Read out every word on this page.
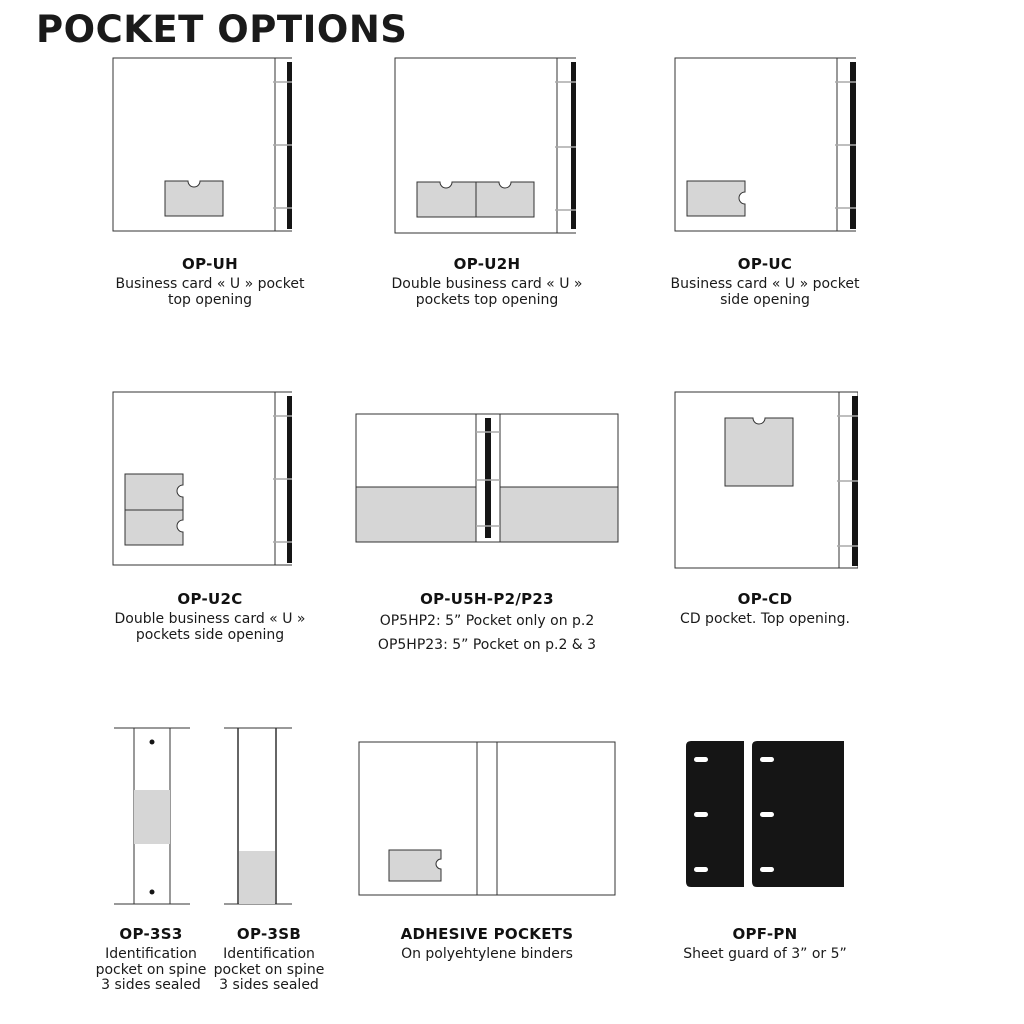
POCKET OPTIONS

OP-UH

Business card « U » pocket top opening

OP-U2H

Double business card « U » pockets top opening

OP-UC

Business card « U » pocket side opening

OP-U2C

Double business card « U » pockets side opening

OP-U5H-P2/P23

OP5HP2: 5” Pocket only on p.2

OP5HP23: 5” Pocket on p.2 & 3

OP-CD

CD pocket. Top opening.

OP-3S3

Identification pocket on spine 3 sides sealed

OP-3SB

Identification pocket on spine 3 sides sealed

ADHESIVE POCKETS

On polyehtylene binders

OPF-PN

Sheet guard of 3” or 5”
